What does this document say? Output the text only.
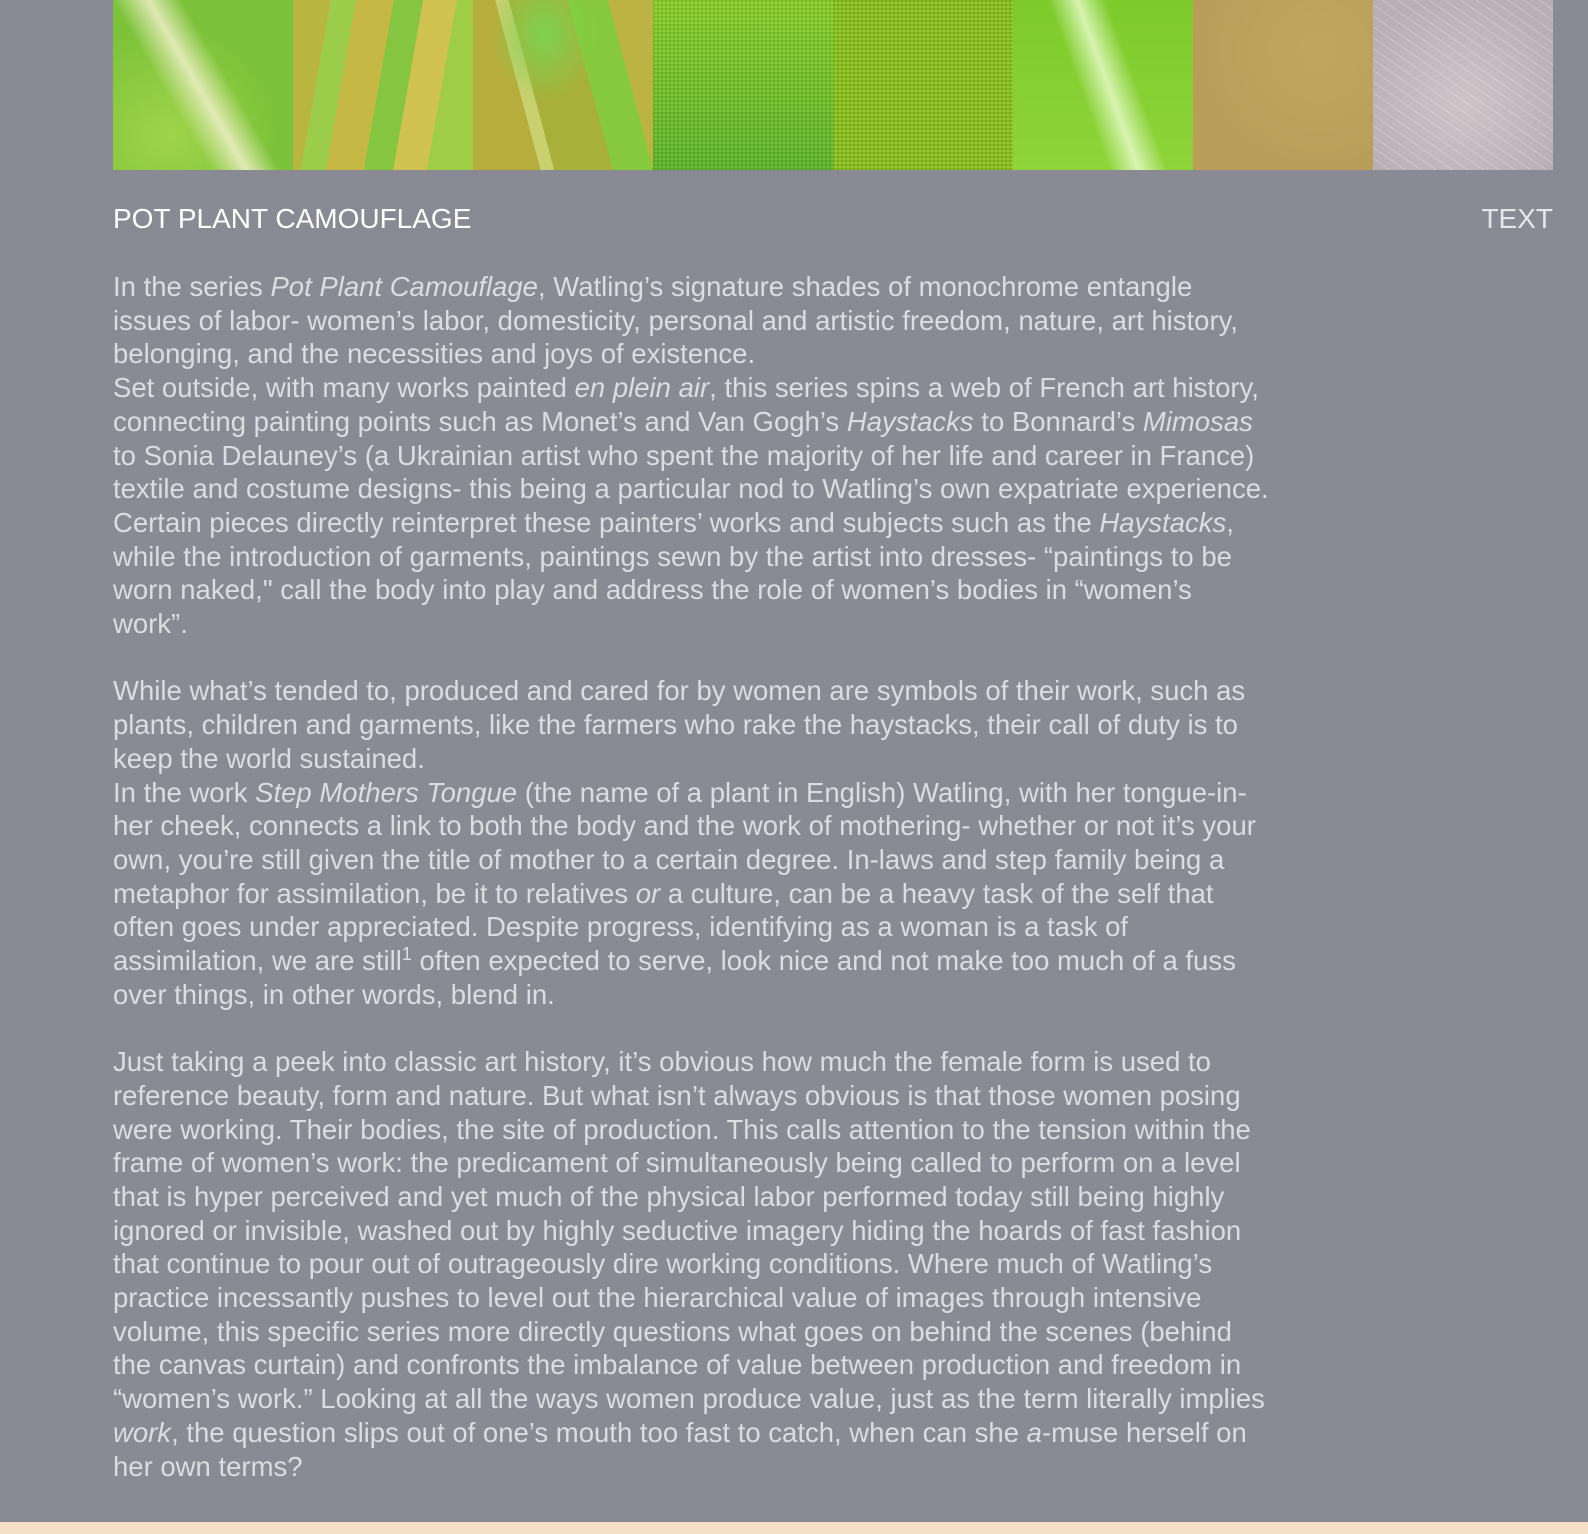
POT PLANT CAMOUFLAGE	TEXT

In the series Pot Plant Camouflage, Watling’s signature shades of monochrome entangle issues of labor- women’s labor, domesticity, personal and artistic freedom, nature, art history, belonging, and the necessities and joys of existence.

Set outside, with many works painted en plein air, this series spins a web of French art history, connecting painting points such as Monet’s and Van Gogh’s Haystacks to Bonnard’s Mimosas to Sonia Delauney’s (a Ukrainian artist who spent the majority of her life and career in France) textile and costume designs- this being a particular nod to Watling’s own expatriate experience. Certain pieces directly reinterpret these painters’ works and subjects such as the Haystacks, while the introduction of garments, paintings sewn by the artist into dresses- “paintings to be worn naked," call the body into play and address the role of women’s bodies in “women’s work”.

While what’s tended to, produced and cared for by women are symbols of their work, such as plants, children and garments, like the farmers who rake the haystacks, their call of duty is to keep the world sustained.

In the work Step Mothers Tongue (the name of a plant in English) Watling, with her tongue-in-her cheek, connects a link to both the body and the work of mothering- whether or not it’s your own, you’re still given the title of mother to a certain degree. In-laws and step family being a metaphor for assimilation, be it to relatives or a culture, can be a heavy task of the self that often goes under appreciated. Despite progress, identifying as a woman is a task of assimilation, we are still$^1$ often expected to serve, look nice and not make too much of a fuss over things, in other words, blend in.

Just taking a peek into classic art history, it’s obvious how much the female form is used to reference beauty, form and nature. But what isn’t always obvious is that those women posing were working. Their bodies, the site of production. This calls attention to the tension within the frame of women’s work: the predicament of simultaneously being called to perform on a level that is hyper perceived and yet much of the physical labor performed today still being highly ignored or invisible, washed out by highly seductive imagery hiding the hoards of fast fashion that continue to pour out of outrageously dire working conditions. Where much of Watling’s practice incessantly pushes to level out the hierarchical value of images through intensive volume, this specific series more directly questions what goes on behind the scenes (behind the canvas curtain) and confronts the imbalance of value between production and freedom in “women’s work.” Looking at all the ways women produce value, just as the term literally implies work, the question slips out of one’s mouth too fast to catch, when can she a-muse herself on her own terms?
